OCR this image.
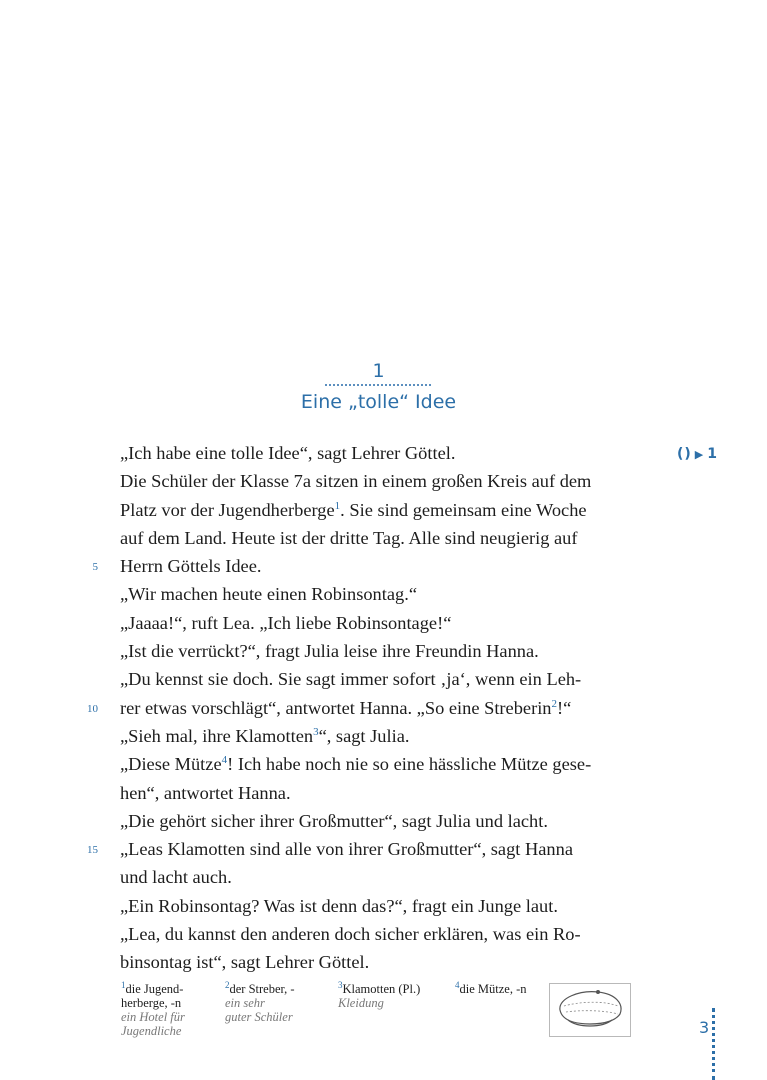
1
Eine „tolle“ Idee
() ▶ 1
„Ich habe eine tolle Idee“, sagt Lehrer Göttel.
Die Schüler der Klasse 7a sitzen in einem großen Kreis auf dem
Platz vor der Jugendherberge$^1$. Sie sind gemeinsam eine Woche
auf dem Land. Heute ist der dritte Tag. Alle sind neugierig auf
5 Herrn Göttels Idee.
„Wir machen heute einen Robinsontag.“
„Jaaaa!“, ruft Lea. „Ich liebe Robinsontage!“
„Ist die verrückt?“, fragt Julia leise ihre Freundin Hanna.
„Du kennst sie doch. Sie sagt immer sofort ‚ja‘, wenn ein Leh-
10 rer etwas vorschlägt“, antwortet Hanna. „So eine Streberin$^2$!“
„Sieh mal, ihre Klamotten$^3$“, sagt Julia.
„Diese Mütze$^4$! Ich habe noch nie so eine hässliche Mütze gese-
hen“, antwortet Hanna.
„Die gehört sicher ihrer Großmutter“, sagt Julia und lacht.
15 „Leas Klamotten sind alle von ihrer Großmutter“, sagt Hanna
und lacht auch.
„Ein Robinsontag? Was ist denn das?“, fragt ein Junge laut.
„Lea, du kannst den anderen doch sicher erklären, was ein Ro-
binsontag ist“, sagt Lehrer Göttel.
$^1$die Jugend-
herberge, -n
ein Hotel für
Jugendliche
$^2$der Streber, -
ein sehr
guter Schüler
$^3$Klamotten (Pl.)
Kleidung
$^4$die Mütze, -n
3
